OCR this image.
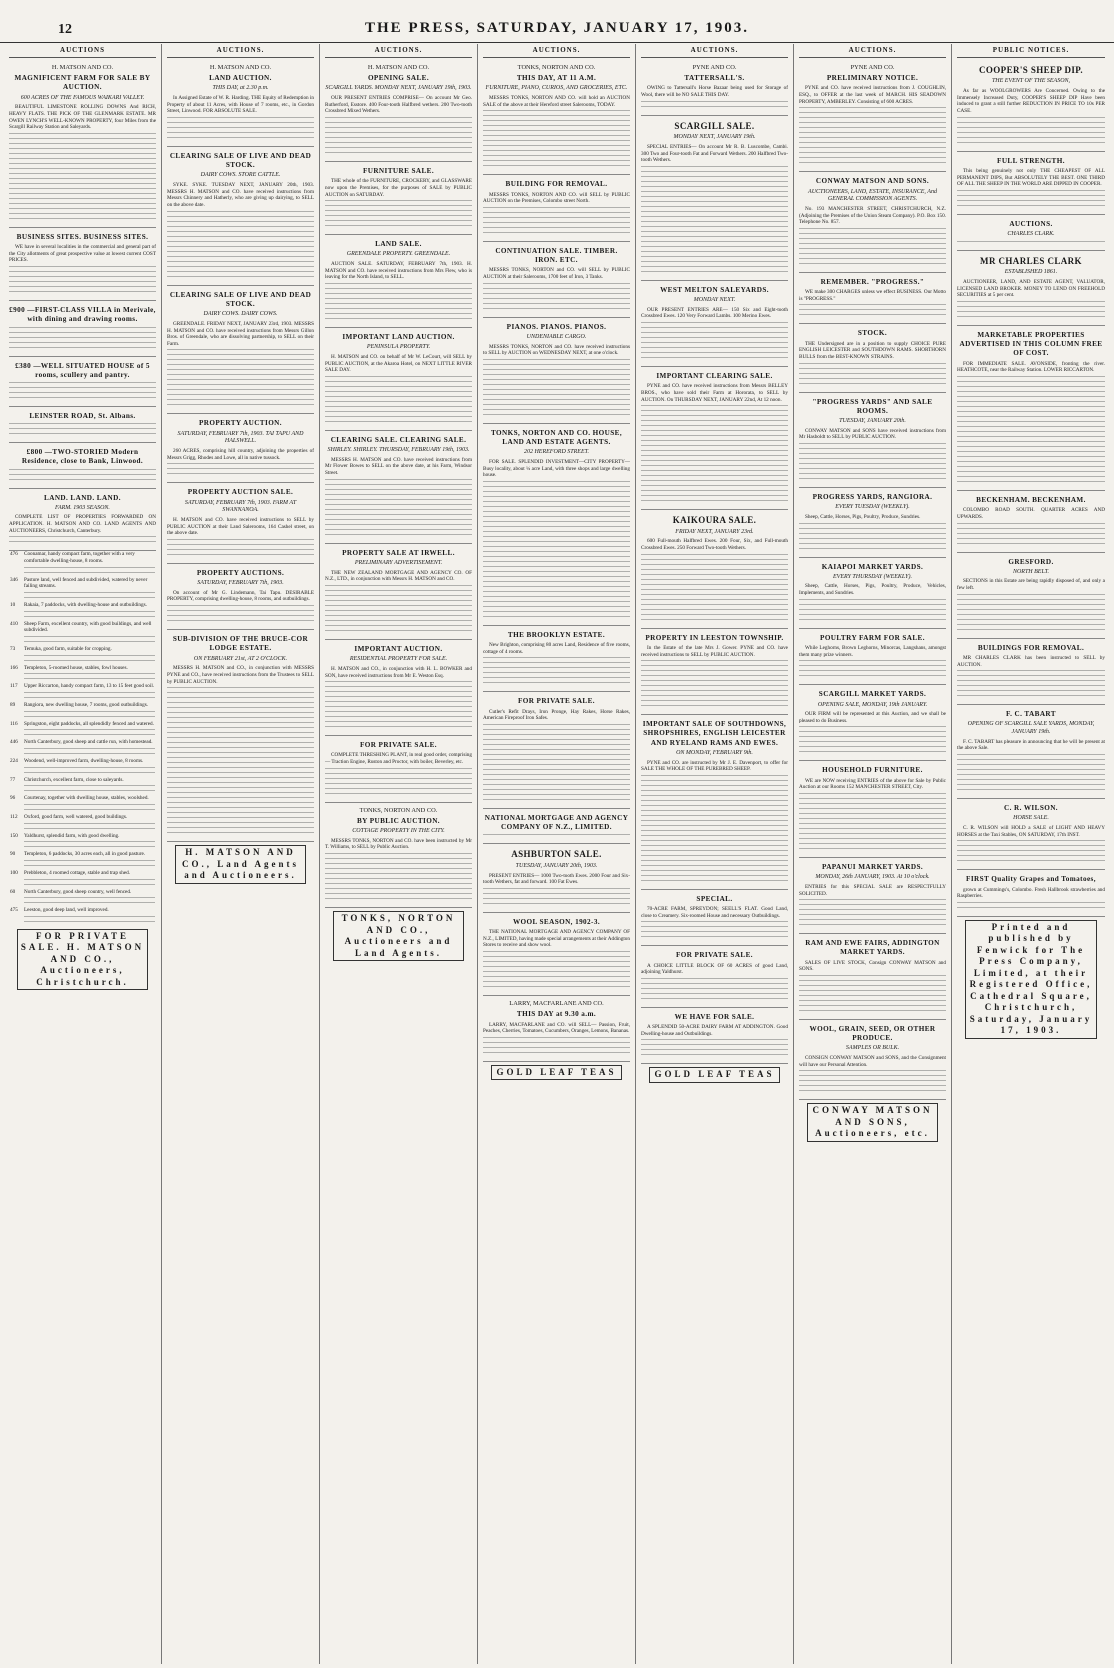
12	THE PRESS, SATURDAY, JANUARY 17, 1903.
AUCTIONS
H. MATSON AND CO.
MAGNIFICENT FARM FOR SALE BY AUCTION.
600 ACRES OF THE FAMOUS WAIKARI VALLEY.
BEAUTIFUL LIMESTONE ROLLING DOWNS And RICH, HEAVY FLATS. THE PICK OF THE GLENMARK ESTATE. MR OWEN LYNCH'S WELL-KNOWN PROPERTY, four Miles from the Scargill Railway Station and Saleyards.
BUSINESS SITES. BUSINESS SITES.
WE have in several localities in the commercial and general part of the City allotments of great prospective value at lowest current COST PRICES.
£900 —FIRST-CLASS VILLA in Merivale, with dining and drawing rooms.
£380 —WELL SITUATED HOUSE of 5 rooms, scullery and pantry.
LEINSTER ROAD, St. Albans.
£800 —TWO-STORIED Modern Residence, close to Bank, Linwood.
LAND. LAND. LAND.
FARM. 1903 SEASON.
COMPLETE LIST OF PROPERTIES FORWARDED ON APPLICATION. H. MATSON AND CO. LAND AGENTS AND AUCTIONEERS, Christchurch, Canterbury.
476	Coonamar, handy compact farm, together with a very comfortable dwelling-house, 8 rooms.

346	Pasture land, well fenced and subdivided, watered by never failing streams.

10	Rakaia, 7 paddocks, with dwelling-house and outbuildings.

410	Sheep Farm, excellent country, with good buildings, and well subdivided.

73	Temuka, good farm, suitable for cropping.

166	Templeton, 5-roomed house, stables, fowl houses.

117	Upper Riccarton, handy compact farm, 13 to 15 feet good soil.

89	Rangiora, new dwelling house, 7 rooms, good outbuildings.

116	Springston, eight paddocks, all splendidly fenced and watered.

446	North Canterbury, good sheep and cattle run, with homestead.

224	Woodend, well-improved farm, dwelling-house, 8 rooms.

77	Christchurch, excellent farm, close to saleyards.

96	Courtenay, together with dwelling house, stables, woolshed.

112	Oxford, good farm, well watered, good buildings.

150	Yaldhurst, splendid farm, with good dwelling.

90	Templeton, 6 paddocks, 30 acres each, all in good pasture.

100	Prebbleton, 4 roomed cottage, stable and trap shed.

60	North Canterbury, good sheep country, well fenced.

475	Leeston, good deep land, well improved.

FOR PRIVATE SALE. H. MATSON AND CO., Auctioneers, Christchurch.
AUCTIONS.
H. MATSON AND CO.
LAND AUCTION.
THIS DAY, at 2.30 p.m.
In Assigned Estate of W. R. Harding. THE Equity of Redemption in Property of about 11 Acres, with House of 7 rooms, etc., in Gordon Street, Linwood. FOR ABSOLUTE SALE.
CLEARING SALE OF LIVE AND DEAD STOCK.
DAIRY COWS. STORE CATTLE.
SYKE. SYKE. TUESDAY NEXT, JANUARY 20th, 1903. MESSRS H. MATSON and CO. have received instructions from Messrs Chinnery and Hatherly, who are giving up dairying, to SELL on the above date.
CLEARING SALE OF LIVE AND DEAD STOCK.
DAIRY COWS. DAIRY COWS.
GREENDALE. FRIDAY NEXT, JANUARY 23rd, 1903. MESSRS H. MATSON and CO. have received instructions from Messrs Gillon Bros. of Greendale, who are dissolving partnership, to SELL on their Farm.
PROPERTY AUCTION.
SATURDAY, FEBRUARY 7th, 1903. TAI TAPU AND HALSWELL.
260 ACRES, comprising hill country, adjoining the properties of Messrs Grigg, Rhodes and Lowe, all in native tussock.
PROPERTY AUCTION SALE.
SATURDAY, FEBRUARY 7th, 1903. FARM AT SWANNANOA.
H. MATSON and CO. have received instructions to SELL by PUBLIC AUCTION at their Land Salerooms, 164 Cashel street, on the above date.
PROPERTY AUCTIONS.
SATURDAY, FEBRUARY 7th, 1903.
On account of Mr G. Lindemann, Tai Tapu. DESIRABLE PROPERTY, comprising dwelling-house, 8 rooms, and outbuildings.
SUB-DIVISION OF THE BRUCE-COR LODGE ESTATE.
ON FEBRUARY 21st, AT 2 O'CLOCK.
MESSRS H. MATSON and CO., in conjunction with MESSRS PYNE and CO., have received instructions from the Trustees to SELL by PUBLIC AUCTION.
H. MATSON AND CO., Land Agents and Auctioneers.
AUCTIONS.
H. MATSON AND CO.
OPENING SALE.
SCARGILL YARDS. MONDAY NEXT, JANUARY 19th, 1903.
OUR PRESENT ENTRIES COMPRISE— On account Mr Geo. Rutherford, Esstore. 400 Four-tooth Halfbred wethers. 200 Two-tooth Crossbred Mixed Wethers.
FURNITURE SALE.
THE whole of the FURNITURE, CROCKERY, and GLASSWARE now upon the Premises, for the purposes of SALE by PUBLIC AUCTION on SATURDAY.
LAND SALE.
GREENDALE PROPERTY. GREENDALE.
AUCTION SALE. SATURDAY, FEBRUARY 7th, 1903. H. MATSON and CO. have received instructions from Mrs Flew, who is leaving for the North Island, to SELL.
IMPORTANT LAND AUCTION.
PENINSULA PROPERTY.
H. MATSON and CO. on behalf of Mr W. LeCourt, will SELL by PUBLIC AUCTION, at the Akaroa Hotel, on NEXT LITTLE RIVER SALE DAY.
CLEARING SALE. CLEARING SALE.
SHIRLEY. SHIRLEY. THURSDAY, FEBRUARY 19th, 1903.
MESSRS H. MATSON and CO. have received instructions from Mr Flower Bowes to SELL on the above date, at his Farm, Windsor Street.
PROPERTY SALE AT IRWELL.
PRELIMINARY ADVERTISEMENT.
THE NEW ZEALAND MORTGAGE AND AGENCY CO. OF N.Z., LTD., in conjunction with Messrs H. MATSON and CO.
IMPORTANT AUCTION.
RESIDENTIAL PROPERTY FOR SALE.
H. MATSON and CO., in conjunction with H. L. BOWKER and SON, have received instructions from Mr E. Weston Esq.
FOR PRIVATE SALE.
COMPLETE THRESHING PLANT, in real good order, comprising— Traction Engine, Ruston and Proctor, with boiler, Beverley, etc.
TONKS, NORTON AND CO.
BY PUBLIC AUCTION.
COTTAGE PROPERTY IN THE CITY.
MESSRS TONKS, NORTON and CO. have been instructed by Mr T. Williams, to SELL by Public Auction.
TONKS, NORTON AND CO., Auctioneers and Land Agents.
AUCTIONS.
TONKS, NORTON AND CO.
THIS DAY, AT 11 A.M.
FURNITURE, PIANO, CURIOS, AND GROCERIES, ETC.
MESSRS TONKS, NORTON AND CO. will hold an AUCTION SALE of the above at their Hereford street Salerooms, TODAY.
BUILDING FOR REMOVAL.
MESSRS TONKS, NORTON AND CO. will SELL by PUBLIC AUCTION on the Premises, Colombo street North.
CONTINUATION SALE. TIMBER. IRON. ETC.
MESSRS TONKS, NORTON and CO. will SELL by PUBLIC AUCTION at their Salerooms, 1700 feet of Iron, 3 Tanks.
PIANOS. PIANOS. PIANOS.
UNDENIABLE CARGO.
MESSRS TONKS, NORTON and CO. have received instructions to SELL by AUCTION on WEDNESDAY NEXT, at one o'clock.
TONKS, NORTON AND CO. HOUSE, LAND AND ESTATE AGENTS.
202 HEREFORD STREET.
FOR SALE. SPLENDID INVESTMENT—CITY PROPERTY—Busy locality, about ¼ acre Land, with three shops and large dwelling house.
THE BROOKLYN ESTATE.
New Brighton, comprising 80 acres Land, Residence of five rooms, cottage of 4 rooms.
FOR PRIVATE SALE.
Cutler's Refit Drays, Iron Pronge, Hay Rakes, Horse Rakes, American Fireproof Iron Safes.
NATIONAL MORTGAGE AND AGENCY COMPANY OF N.Z., LIMITED.
ASHBURTON SALE.
TUESDAY, JANUARY 20th, 1903.
PRESENT ENTRIES— 1000 Two-tooth Ewes. 2000 Four and Six-tooth Wethers, fat and forward. 100 Fat Ewes.
WOOL SEASON, 1902-3.
THE NATIONAL MORTGAGE AND AGENCY COMPANY OF N.Z., LIMITED, having made special arrangements at their Addington Stores to receive and show wool.
LARRY, MACFARLANE AND CO.
THIS DAY at 9.30 a.m.
LARRY, MACFARLANE and CO. will SELL— Passion, Fruit, Peaches, Cherries, Tomatoes, Cucumbers, Oranges, Lemons, Bananas.
GOLD LEAF TEAS
AUCTIONS.
PYNE AND CO.
TATTERSALL'S.
OWING to Tattersall's Horse Bazaar being used for Storage of Wool, there will be NO SALE THIS DAY.
SCARGILL SALE.
MONDAY NEXT, JANUARY 19th.
SPECIAL ENTRIES— On account Mr R. B. Luscombe, Cambi. 300 Two and Four-tooth Fat and Forward Wethers. 200 Halfbred Two-tooth Wethers.
WEST MELTON SALEYARDS.
MONDAY NEXT.
OUR PRESENT ENTRIES ARE— 150 Six and Eight-tooth Crossbred Ewes. 120 Very Forward Lambs. 100 Merino Ewes.
IMPORTANT CLEARING SALE.
PYNE and CO. have received instructions from Messrs BELLEY BROS., who have sold their Farm at Hororata, to SELL by AUCTION. On THURSDAY NEXT, JANUARY 22nd, At 12 noon.
KAIKOURA SALE.
FRIDAY NEXT, JANUARY 23rd.
600 Full-mouth Halfbred Ewes. 200 Four, Six, and Full-mouth Crossbred Ewes. 250 Forward Two-tooth Wethers.
PROPERTY IN LEESTON TOWNSHIP.
In the Estate of the late Mrs J. Gower. PYNE and CO. have received instructions to SELL by PUBLIC AUCTION.
IMPORTANT SALE OF SOUTHDOWNS, SHROPSHIRES, ENGLISH LEICESTER AND RYELAND RAMS AND EWES.
ON MONDAY, FEBRUARY 9th.
PYNE and CO. are instructed by Mr J. E. Davenport, to offer for SALE THE WHOLE OF THE PUREBRED SHEEP.
SPECIAL.
70-ACRE FARM, SPREYDON; SEELL'S FLAT. Good Land, close to Creamery. Six-roomed House and necessary Outbuildings.
FOR PRIVATE SALE.
A CHOICE LITTLE BLOCK OF 60 ACRES of good Land, adjoining Yaldhurst.
WE HAVE FOR SALE.
A SPLENDID 50-ACRE DAIRY FARM AT ADDINGTON. Good Dwelling-house and Outbuildings.
GOLD LEAF TEAS
AUCTIONS.
PYNE AND CO.
PRELIMINARY NOTICE.
PYNE and CO. have received instructions from J. COUGHLIN, ESQ., to OFFER at the last week of MARCH. HIS SEADOWN PROPERTY, AMBERLEY. Consisting of 600 ACRES.
CONWAY MATSON AND SONS.
AUCTIONEERS, LAND, ESTATE, INSURANCE, And GENERAL COMMISSION AGENTS.
No. 193 MANCHESTER STREET, CHRISTCHURCH, N.Z. (Adjoining the Premises of the Union Steam Company). P.O. Box 150. Telephone No. 857.
REMEMBER. "PROGRESS."
WE make 300 CHARGES unless we effect BUSINESS. Our Motto is "PROGRESS."
STOCK.
THE Undersigned are in a position to supply CHOICE PURE ENGLISH LEICESTER and SOUTHDOWN RAMS. SHORTHORN BULLS from the BEST-KNOWN STRAINS.
"PROGRESS YARDS" AND SALE ROOMS.
TUESDAY, JANUARY 20th.
CONWAY MATSON and SONS have received instructions from Mr Hasboldt to SELL by PUBLIC AUCTION.
PROGRESS YARDS, RANGIORA.
EVERY TUESDAY (WEEKLY).
Sheep, Cattle, Horses, Pigs, Poultry, Produce, Sundries.
KAIAPOI MARKET YARDS.
EVERY THURSDAY (WEEKLY).
Sheep, Cattle, Horses, Pigs, Poultry, Produce, Vehicles, Implements, and Sundries.
POULTRY FARM FOR SALE.
While Leghorns, Brown Leghorns, Minorcas, Langshans, amongst them many prize winners.
SCARGILL MARKET YARDS.
OPENING SALE, MONDAY, 19th JANUARY.
OUR FIRM will be represented at this Auction, and we shall be pleased to do Business.
HOUSEHOLD FURNITURE.
WE are NOW receiving ENTRIES of the above for Sale by Public Auction at our Rooms 152 MANCHESTER STREET, City.
PAPANUI MARKET YARDS.
MONDAY, 26th JANUARY, 1903. At 10 o'clock.
ENTRIES for this SPECIAL SALE are RESPECTFULLY SOLICITED.
RAM AND EWE FAIRS, ADDINGTON MARKET YARDS.
SALES OF LIVE STOCK, Consign CONWAY MATSON and SONS.
WOOL, GRAIN, SEED, OR OTHER PRODUCE.
SAMPLES OR BULK.
CONSIGN CONWAY MATSON and SONS, and the Consignment will have our Personal Attention.
CONWAY MATSON AND SONS, Auctioneers, etc.
PUBLIC NOTICES.
COOPER'S SHEEP DIP.
THE EVENT OF THE SEASON,
As far as WOOLGROWERS Are Concerned. Owing to the Immensely Increased Duty, COOPER'S SHEEP DIP Have been induced to grant a still further REDUCTION IN PRICE TO 10s PER CASE.
FULL STRENGTH.
This being genuinely not only THE CHEAPEST OF ALL PERMANENT DIPS, But ABSOLUTELY THE BEST. ONE THIRD OF ALL THE SHEEP IN THE WORLD ARE DIPPED IN COOPER.
AUCTIONS.
CHARLES CLARK.
MR CHARLES CLARK
ESTABLISHED 1861.
AUCTIONEER, LAND, AND ESTATE AGENT, VALUATOR, LICENSED LAND BROKER. MONEY TO LEND ON FREEHOLD SECURITIES at 5 per cent.
MARKETABLE PROPERTIES ADVERTISED IN THIS COLUMN FREE OF COST.
FOR IMMEDIATE SALE. AVONSIDE, fronting the river. HEATHCOTE, near the Railway Station. LOWER RICCARTON.
BECKENHAM. BECKENHAM.
COLOMBO ROAD SOUTH. QUARTER ACRES AND UPWARDS.
GRESFORD.
NORTH BELT.
SECTIONS in this Estate are being rapidly disposed of, and only a few left.
BUILDINGS FOR REMOVAL.
MR CHARLES CLARK has been instructed to SELL by AUCTION.
F. C. TABART
OPENING OF SCARGILL SALE YARDS, MONDAY, JANUARY 19th.
F. C. TABART has pleasure in announcing that he will be present at the above Sale.
C. R. WILSON.
HORSE SALE.
C. R. WILSON will HOLD a SALE of LIGHT AND HEAVY HORSES at the Taxi Stables, ON SATURDAY, 17th INST.
FIRST Quality Grapes and Tomatoes,
grown at Cummings's, Colombo. Fresh Hallbrook strawberries and Raspberries.
Printed and published by Fenwick for The Press Company, Limited, at their Registered Office, Cathedral Square, Christchurch, Saturday, January 17, 1903.
